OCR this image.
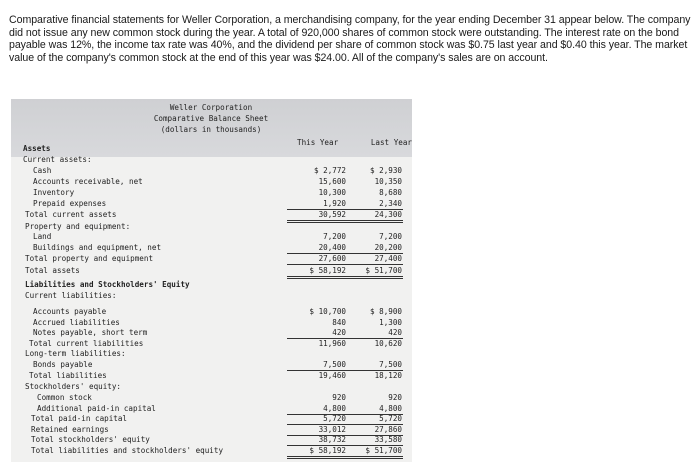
Comparative financial statements for Weller Corporation, a merchandising company, for the year ending December 31 appear below. The company did not issue any new common stock during the year. A total of 920,000 shares of common stock were outstanding. The interest rate on the bond payable was 12%, the income tax rate was 40%, and the dividend per share of common stock was $0.75 last year and $0.40 this year. The market value of the company's common stock at the end of this year was $24.00. All of the company's sales are on account.
Weller Corporation
Comparative Balance Sheet
(dollars in thousands)
This Year	Last Year
Assets
Current assets:
Cash	$ 2,772	$ 2,930
Accounts receivable, net	15,600	10,350
Inventory	10,300	8,680
Prepaid expenses	1,920	2,340
Total current assets	30,592	24,300
Property and equipment:
Land	7,200	7,200
Buildings and equipment, net	20,400	20,200
Total property and equipment	27,600	27,400
Total assets	$ 58,192	$ 51,700
Liabilities and Stockholders' Equity
Current liabilities:
Accounts payable	$ 10,700	$ 8,900
Accrued liabilities	840	1,300
Notes payable, short term	420	420
Total current liabilities	11,960	10,620
Long-term liabilities:
Bonds payable	7,500	7,500
Total liabilities	19,460	18,120
Stockholders' equity:
Common stock	920	920
Additional paid-in capital	4,800	4,800
Total paid-in capital	5,720	5,720
Retained earnings	33,012	27,860
Total stockholders' equity	38,732	33,580
Total liabilities and stockholders' equity	$ 58,192	$ 51,700
